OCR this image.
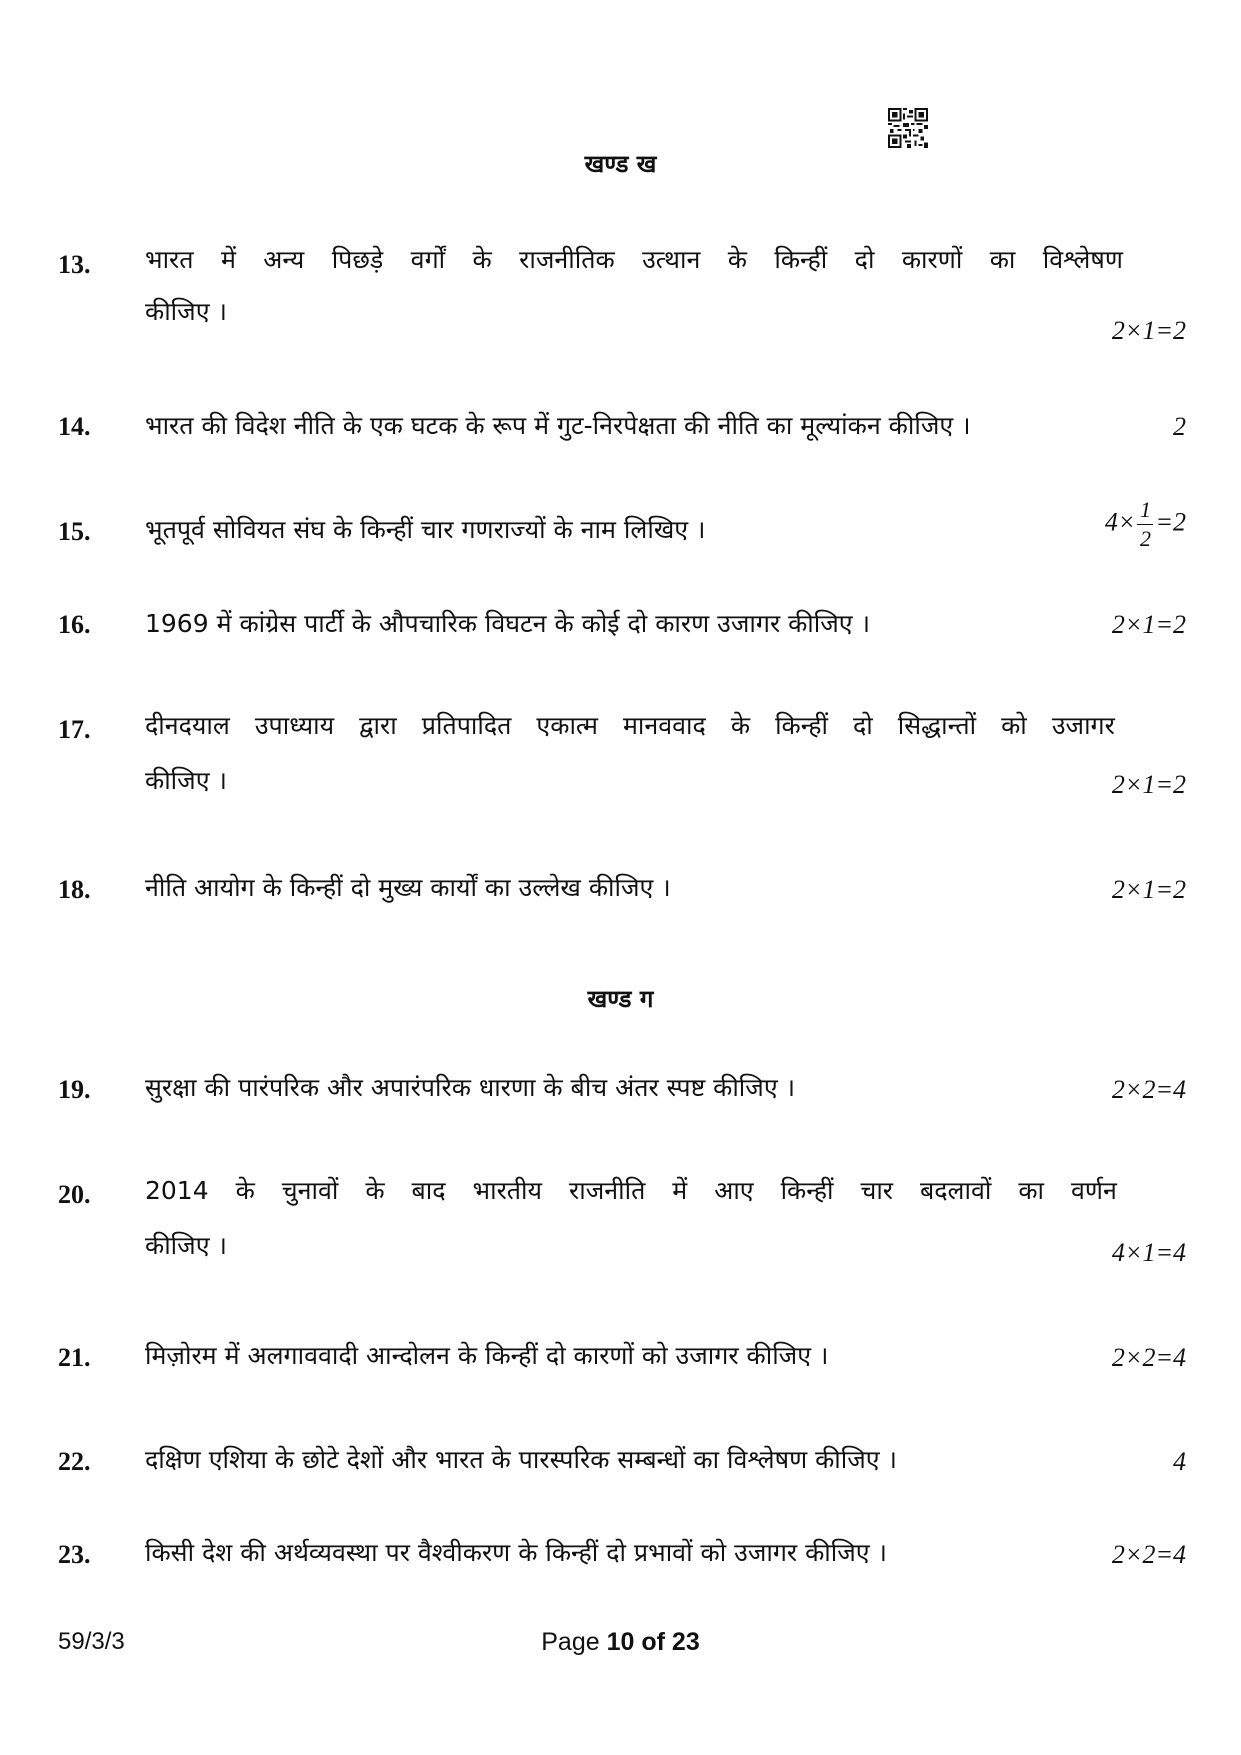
खण्ड ख
13.	भारत में अन्य पिछड़े वर्गों के राजनीतिक उत्थान के किन्हीं दो कारणों का विश्लेषण
कीजिए ।
2×1=2
14.	भारत की विदेश नीति के एक घटक के रूप में गुट-निरपेक्षता की नीति का मूल्यांकन कीजिए ।	2
15.	भूतपूर्व सोवियत संघ के किन्हीं चार गणराज्यों के नाम लिखिए ।	$4\times \frac{1}{2} =2$
16.	1969 में कांग्रेस पार्टी के औपचारिक विघटन के कोई दो कारण उजागर कीजिए ।	2×1=2
17.	दीनदयाल उपाध्याय द्वारा प्रतिपादित एकात्म मानववाद के किन्हीं दो सिद्धान्तों को उजागर
कीजिए ।	2×1=2
18.	नीति आयोग के किन्हीं दो मुख्य कार्यों का उल्लेख कीजिए ।	2×1=2
खण्ड ग
19.	सुरक्षा की पारंपरिक और अपारंपरिक धारणा के बीच अंतर स्पष्ट कीजिए ।	2×2=4
20.	2014 के चुनावों के बाद भारतीय राजनीति में आए किन्हीं चार बदलावों का वर्णन
कीजिए ।	4×1=4
21.	मिज़ोरम में अलगाववादी आन्दोलन के किन्हीं दो कारणों को उजागर कीजिए ।	2×2=4
22.	दक्षिण एशिया के छोटे देशों और भारत के पारस्परिक सम्बन्धों का विश्लेषण कीजिए ।	4
23.	किसी देश की अर्थव्यवस्था पर वैश्वीकरण के किन्हीं दो प्रभावों को उजागर कीजिए ।	2×2=4
59/3/3	Page 10 of 23
